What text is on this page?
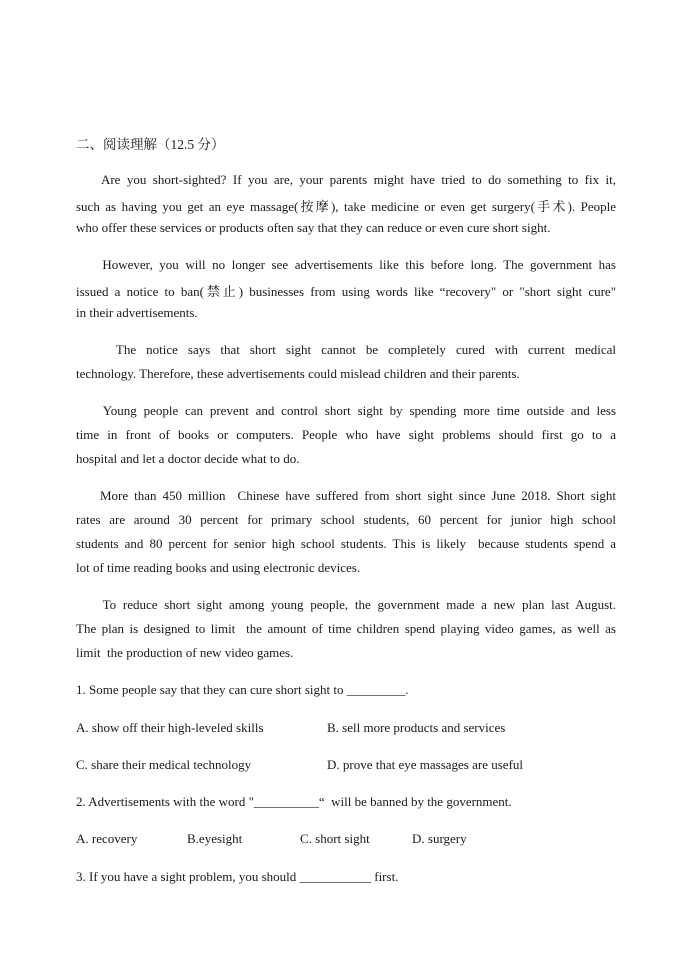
二、阅读理解（12.5 分）
Are you short-sighted? If you are, your parents might have tried to do something to fix it,
such as having you get an eye massage(按摩), take medicine or even get surgery(手术). People
who offer these services or products often say that they can reduce or even cure short sight.
However, you will no longer see advertisements like this before long. The government has
issued a notice to ban(禁止) businesses from using words like “recovery" or "short sight cure"
in their advertisements.
The notice says that short sight cannot be completely cured with current medical
technology. Therefore, these advertisements could mislead children and their parents.
Young people can prevent and control short sight by spending more time outside and less
time in front of books or computers. People who have sight problems should first go to a
hospital and let a doctor decide what to do.
More than 450 million  Chinese have suffered from short sight since June 2018. Short sight
rates are around 30 percent for primary school students, 60 percent for junior high school
students and 80 percent for senior high school students. This is likely  because students spend a
lot of time reading books and using electronic devices.
To reduce short sight among young people, the government made a new plan last August.
The plan is designed to limit  the amount of time children spend playing video games, as well as
limit  the production of new video games.
1. Some people say that they can cure short sight to _________.
A. show off their high-leveled skills	B. sell more products and services
C. share their medical technology	D. prove that eye massages are useful
2. Advertisements with the word "__________“  will be banned by the government.
A. recovery	B.eyesight	C. short sight	D. surgery
3. If you have a sight problem, you should ___________ first.
